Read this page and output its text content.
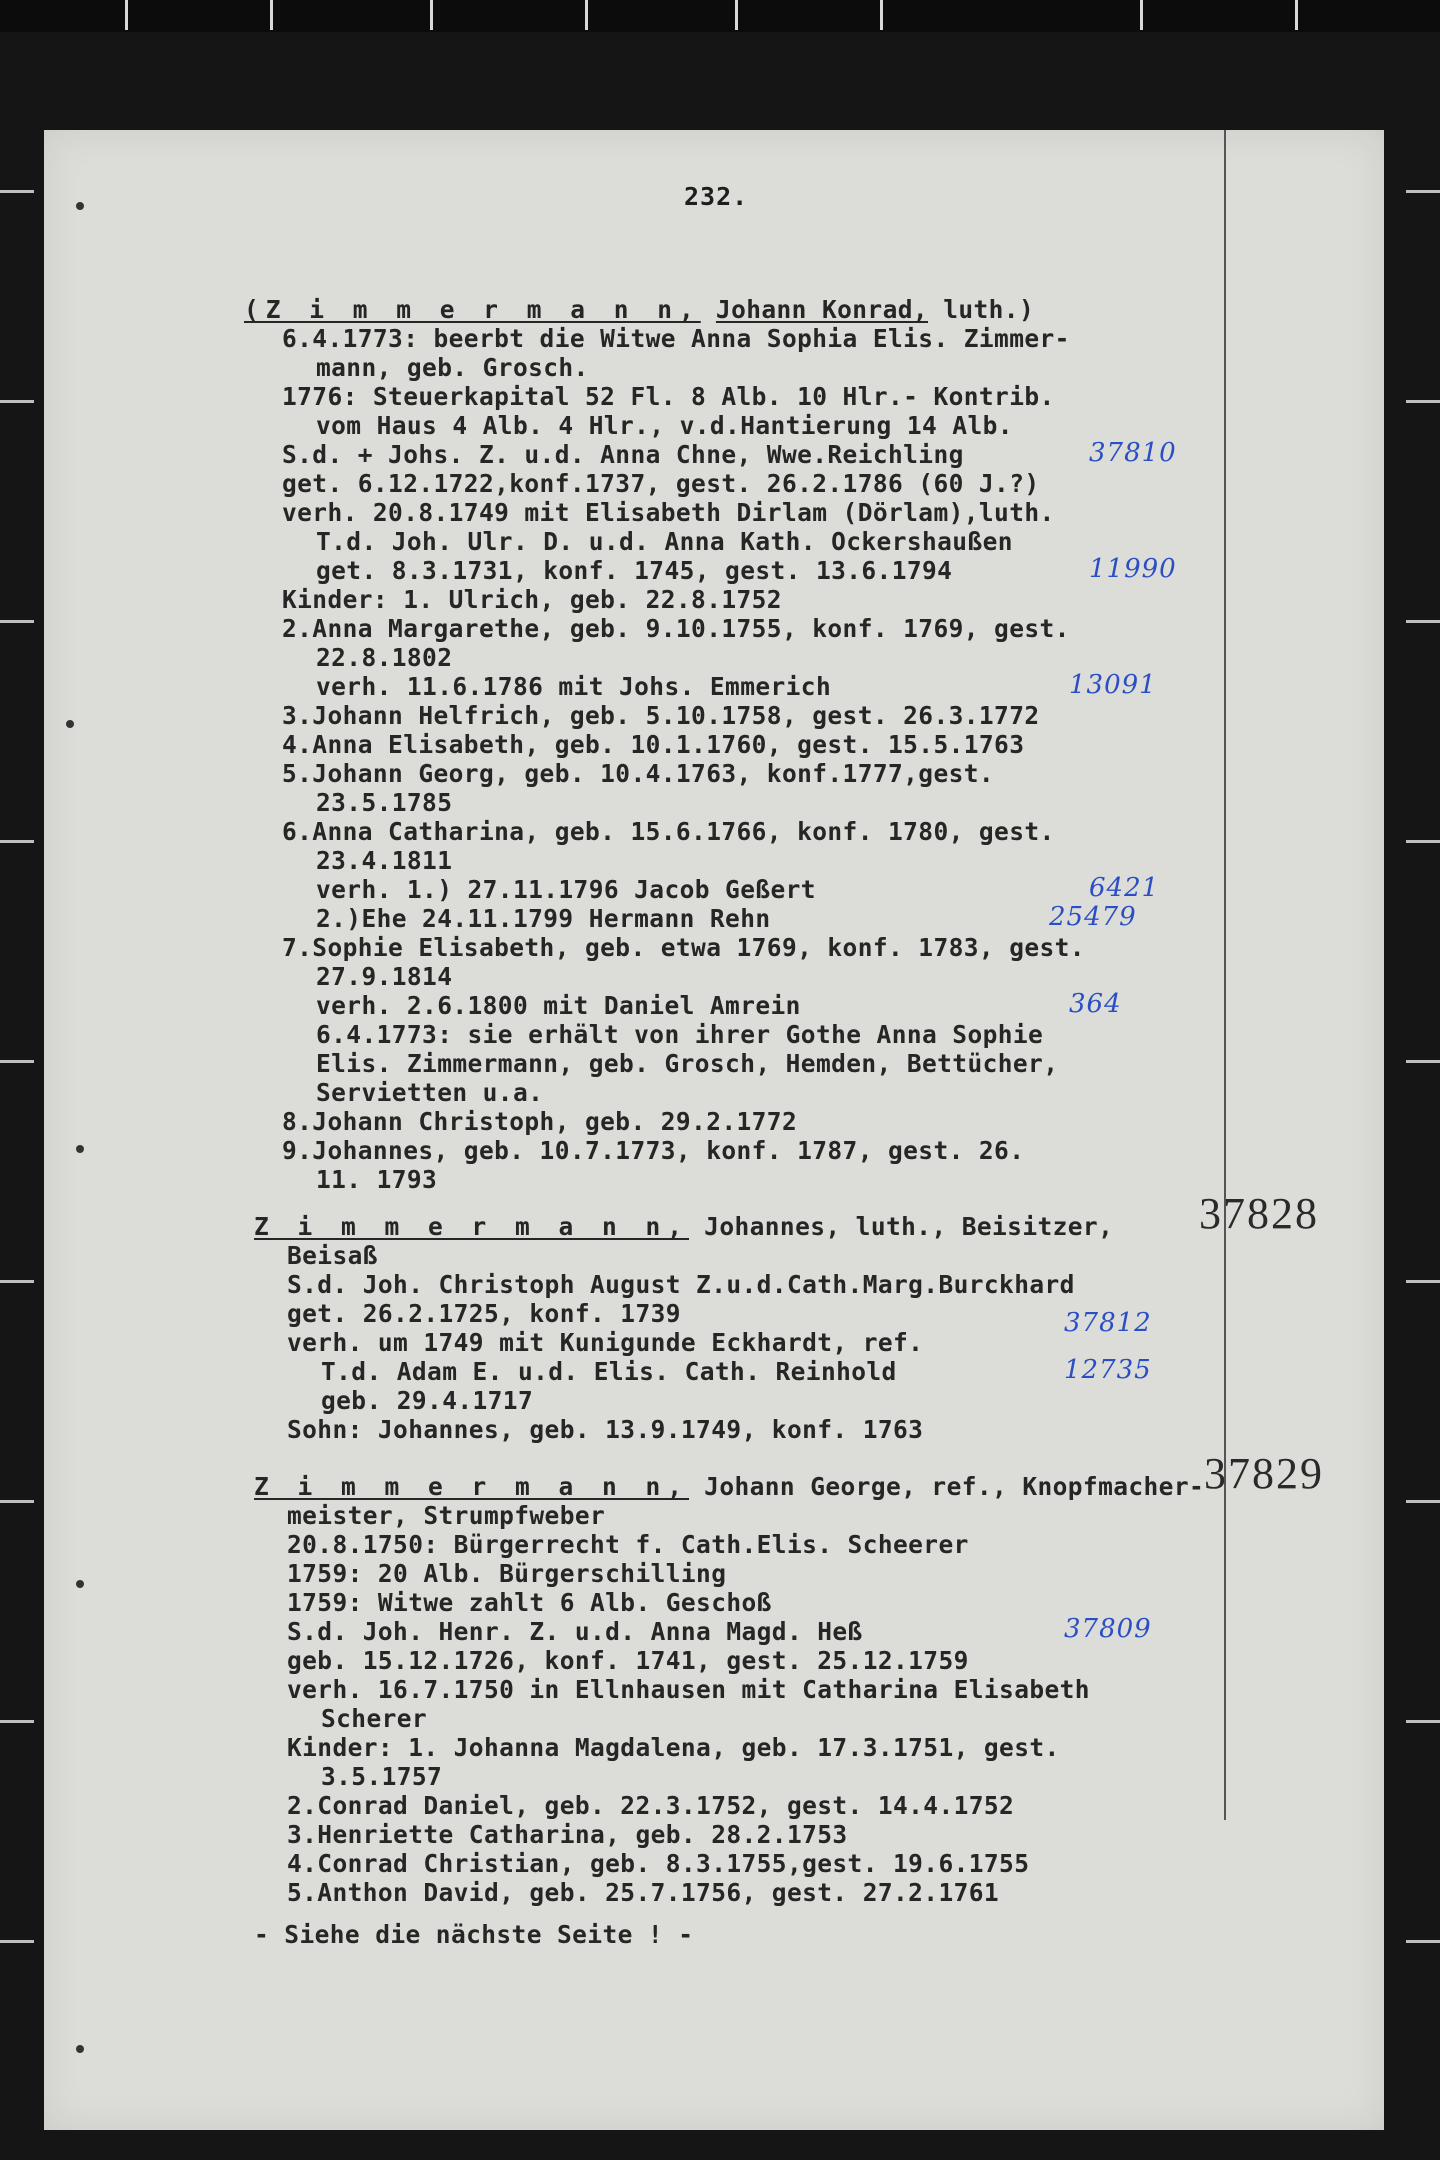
232.
(Z i m m e r m a n n, Johann Konrad, luth.)
6.4.1773: beerbt die Witwe Anna Sophia Elis. Zimmer-
mann, geb. Grosch.
1776: Steuerkapital 52 Fl. 8 Alb. 10 Hlr.- Kontrib.
vom Haus 4 Alb. 4 Hlr., v.d.Hantierung 14 Alb.
S.d. + Johs. Z. u.d. Anna Chne, Wwe.Reichling
get. 6.12.1722,konf.1737, gest. 26.2.1786 (60 J.?)
verh. 20.8.1749 mit Elisabeth Dirlam (Dörlam),luth.
T.d. Joh. Ulr. D. u.d. Anna Kath. Ockershaußen
get. 8.3.1731, konf. 1745, gest. 13.6.1794
Kinder: 1. Ulrich, geb. 22.8.1752
2.Anna Margarethe, geb. 9.10.1755, konf. 1769, gest.
22.8.1802
verh. 11.6.1786 mit Johs. Emmerich
3.Johann Helfrich, geb. 5.10.1758, gest. 26.3.1772
4.Anna Elisabeth, geb. 10.1.1760, gest. 15.5.1763
5.Johann Georg, geb. 10.4.1763, konf.1777,gest.
23.5.1785
6.Anna Catharina, geb. 15.6.1766, konf. 1780, gest.
23.4.1811
verh. 1.) 27.11.1796 Jacob Geßert
2.)Ehe 24.11.1799 Hermann Rehn
7.Sophie Elisabeth, geb. etwa 1769, konf. 1783, gest.
27.9.1814
verh. 2.6.1800 mit Daniel Amrein
6.4.1773: sie erhält von ihrer Gothe Anna Sophie
Elis. Zimmermann, geb. Grosch, Hemden, Bettücher,
Servietten u.a.
8.Johann Christoph, geb. 29.2.1772
9.Johannes, geb. 10.7.1773, konf. 1787, gest. 26.
11. 1793
37810
11990
13091
6421
25479
364
Z i m m e r m a n n, Johannes, luth., Beisitzer, 37828
Beisaß
S.d. Joh. Christoph August Z.u.d.Cath.Marg.Burckhard
get. 26.2.1725, konf. 1739
verh. um 1749 mit Kunigunde Eckhardt, ref.
T.d. Adam E. u.d. Elis. Cath. Reinhold
geb. 29.4.1717
Sohn: Johannes, geb. 13.9.1749, konf. 1763
37812
12735
Z i m m e r m a n n, Johann George, ref., Knopfmacher- 37829
meister, Strumpfweber
20.8.1750: Bürgerrecht f. Cath.Elis. Scheerer
1759: 20 Alb. Bürgerschilling
1759: Witwe zahlt 6 Alb. Geschoß
S.d. Joh. Henr. Z. u.d. Anna Magd. Heß
geb. 15.12.1726, konf. 1741, gest. 25.12.1759
verh. 16.7.1750 in Ellnhausen mit Catharina Elisabeth
Scherer
Kinder: 1. Johanna Magdalena, geb. 17.3.1751, gest.
3.5.1757
2.Conrad Daniel, geb. 22.3.1752, gest. 14.4.1752
3.Henriette Catharina, geb. 28.2.1753
4.Conrad Christian, geb. 8.3.1755,gest. 19.6.1755
5.Anthon David, geb. 25.7.1756, gest. 27.2.1761
37809
- Siehe die nächste Seite ! -
